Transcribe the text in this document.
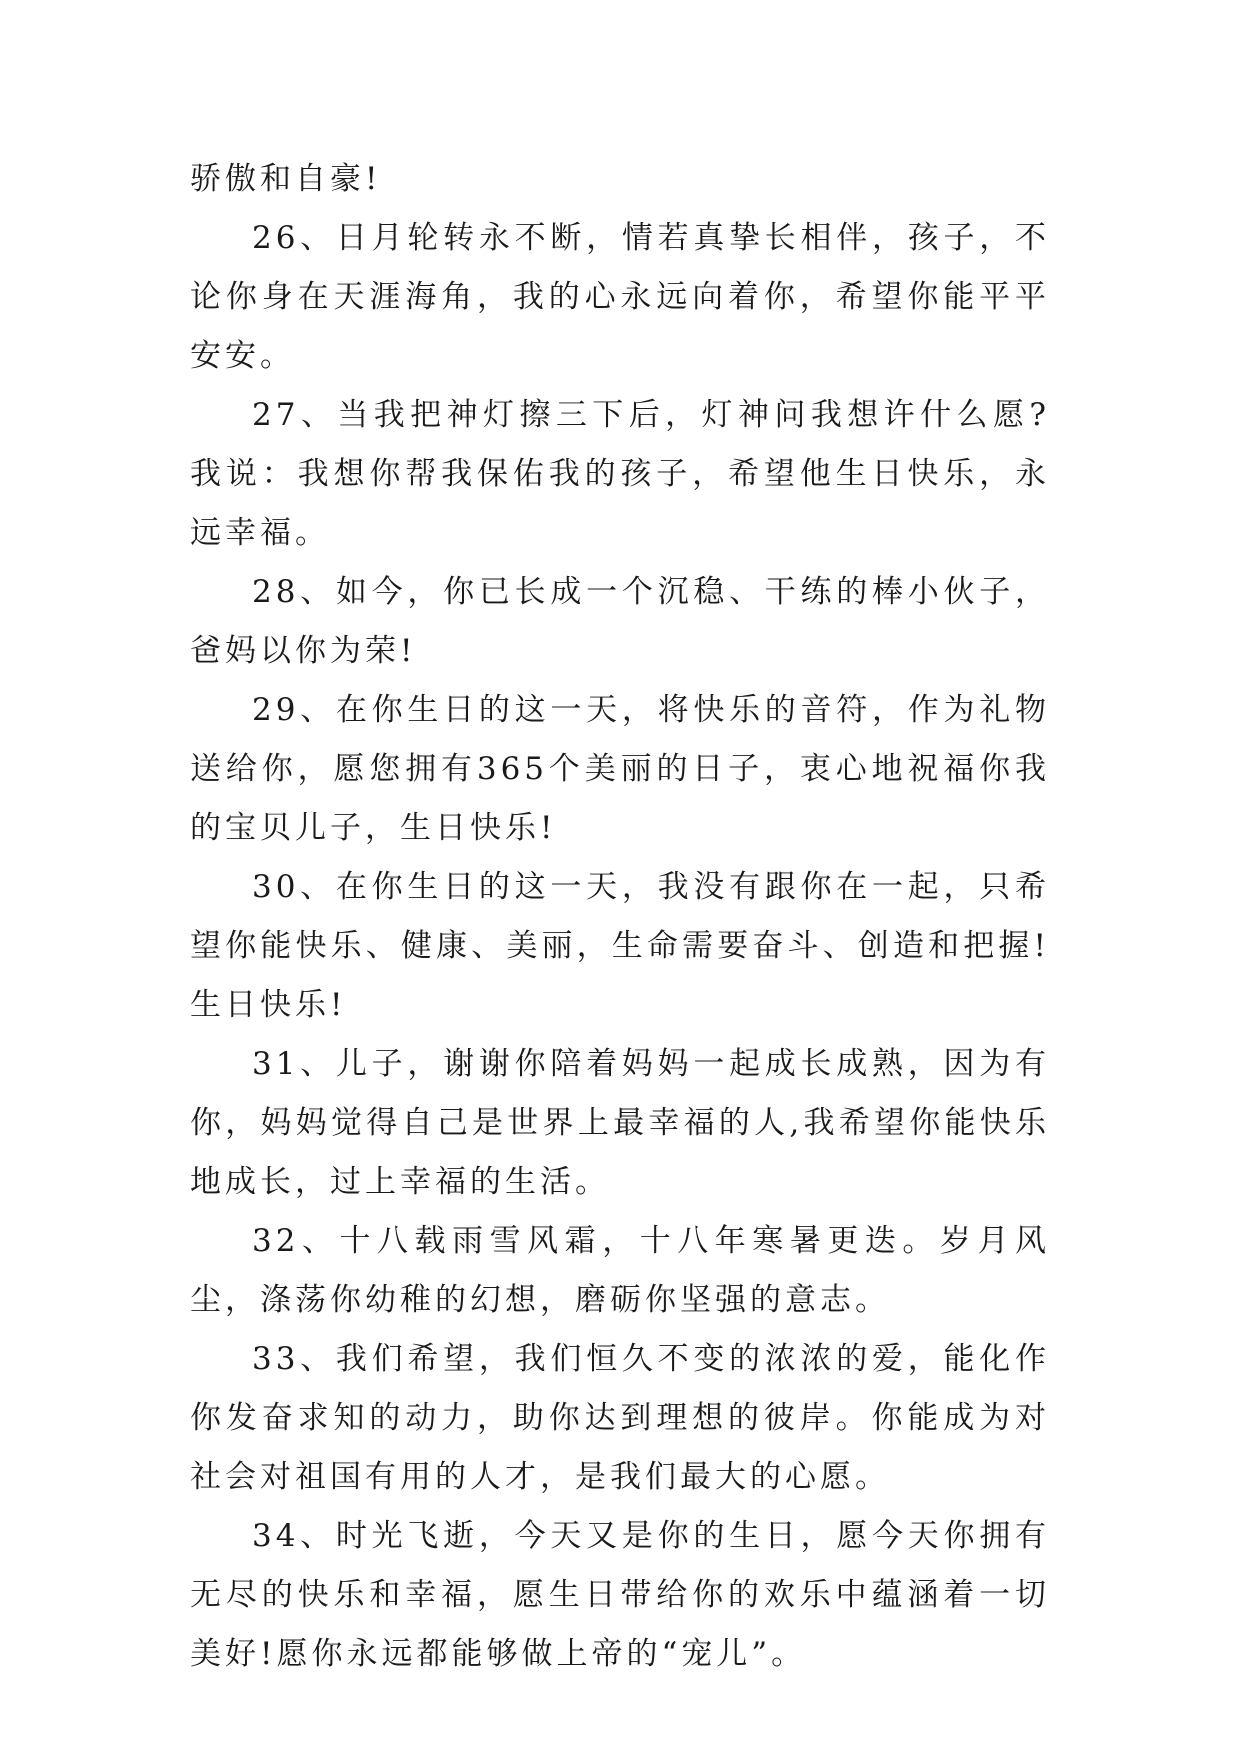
骄傲和自豪!

26、日月轮转永不断，情若真挚长相伴，孩子，不论你身在天涯海角，我的心永远向着你，希望你能平平安安。

27、当我把神灯擦三下后，灯神问我想许什么愿?我说：我想你帮我保佑我的孩子，希望他生日快乐，永远幸福。

28、如今，你已长成一个沉稳、干练的棒小伙子，爸妈以你为荣!

29、在你生日的这一天，将快乐的音符，作为礼物送给你，愿您拥有365个美丽的日子，衷心地祝福你我的宝贝儿子，生日快乐!

30、在你生日的这一天，我没有跟你在一起，只希望你能快乐、健康、美丽，生命需要奋斗、创造和把握!生日快乐!

31、儿子，谢谢你陪着妈妈一起成长成熟，因为有你，妈妈觉得自己是世界上最幸福的人,我希望你能快乐地成长，过上幸福的生活。

32、十八载雨雪风霜，十八年寒暑更迭。岁月风尘，涤荡你幼稚的幻想，磨砺你坚强的意志。

33、我们希望，我们恒久不变的浓浓的爱，能化作你发奋求知的动力，助你达到理想的彼岸。你能成为对社会对祖国有用的人才，是我们最大的心愿。

34、时光飞逝，今天又是你的生日，愿今天你拥有无尽的快乐和幸福，愿生日带给你的欢乐中蕴涵着一切美好!愿你永远都能够做上帝的“宠儿”。
